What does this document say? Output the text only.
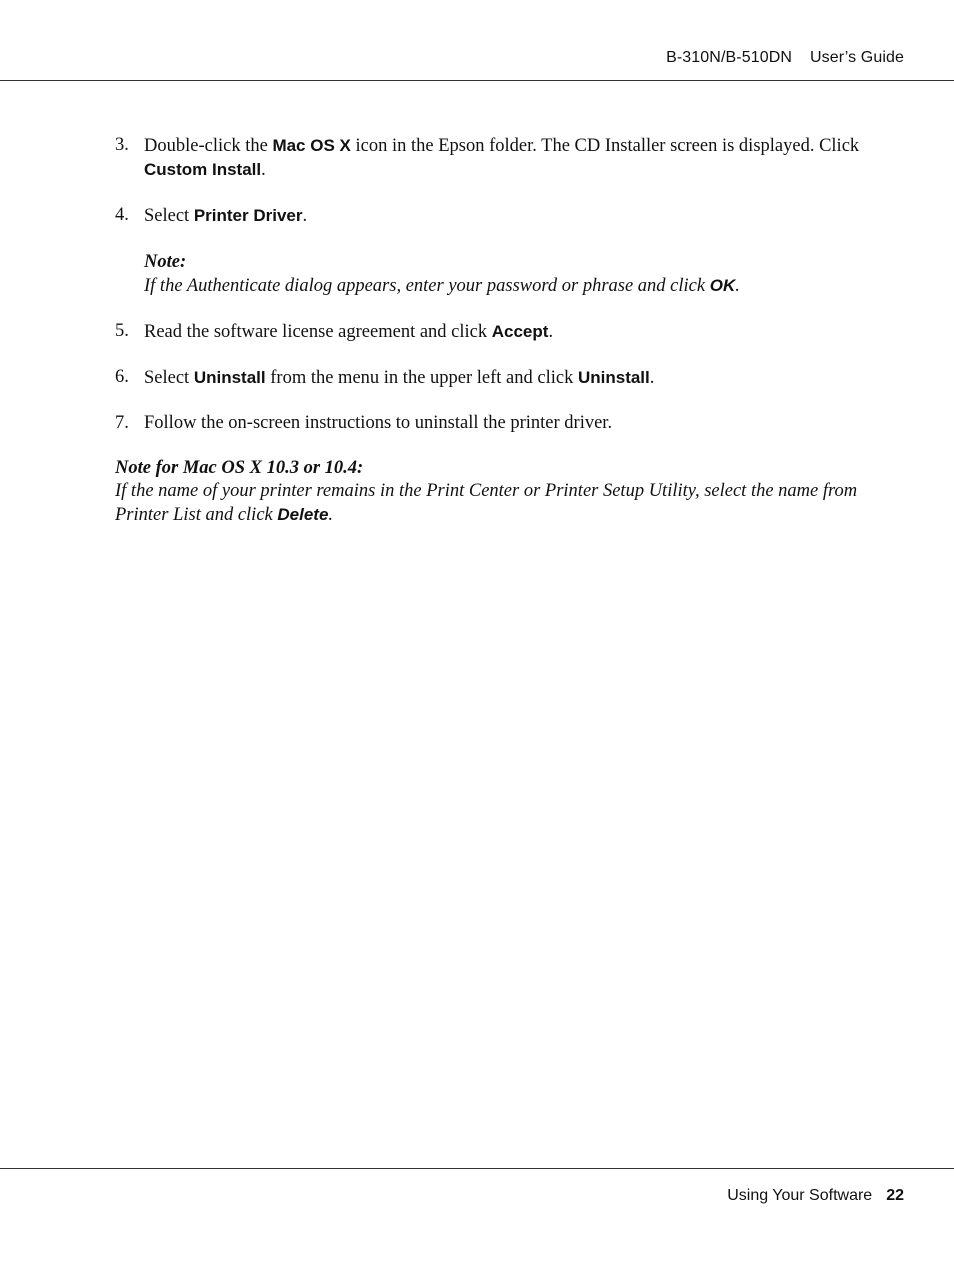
B-310N/B-510DN User’s Guide
3. Double-click the Mac OS X icon in the Epson folder. The CD Installer screen is displayed. Click Custom Install.
4. Select Printer Driver.
Note:
If the Authenticate dialog appears, enter your password or phrase and click OK.
5. Read the software license agreement and click Accept.
6. Select Uninstall from the menu in the upper left and click Uninstall.
7. Follow the on-screen instructions to uninstall the printer driver.
Note for Mac OS X 10.3 or 10.4:
If the name of your printer remains in the Print Center or Printer Setup Utility, select the name from Printer List and click Delete.
Using Your Software 22
